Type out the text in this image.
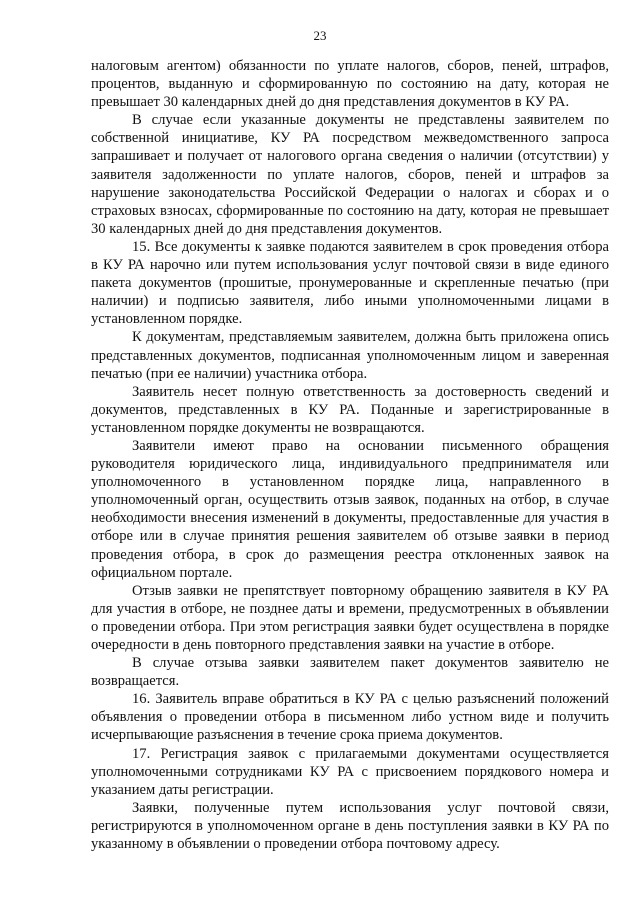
23

налоговым агентом) обязанности по уплате налогов, сборов, пеней, штрафов, процентов, выданную и сформированную по состоянию на дату, которая не превышает 30 календарных дней до дня представления документов в КУ РА.

В случае если указанные документы не представлены заявителем по собственной инициативе, КУ РА посредством межведомственного запроса запрашивает и получает от налогового органа сведения о наличии (отсутствии) у заявителя задолженности по уплате налогов, сборов, пеней и штрафов за нарушение законодательства Российской Федерации о налогах и сборах и о страховых взносах, сформированные по состоянию на дату, которая не превышает 30 календарных дней до дня представления документов.

15. Все документы к заявке подаются заявителем в срок проведения отбора в КУ РА нарочно или путем использования услуг почтовой связи в виде единого пакета документов (прошитые, пронумерованные и скрепленные печатью (при наличии) и подписью заявителя, либо иными уполномоченными лицами в установленном порядке.

К документам, представляемым заявителем, должна быть приложена опись представленных документов, подписанная уполномоченным лицом и заверенная печатью (при ее наличии) участника отбора.

Заявитель несет полную ответственность за достоверность сведений и документов, представленных в КУ РА. Поданные и зарегистрированные в установленном порядке документы не возвращаются.

Заявители имеют право на основании письменного обращения руководителя юридического лица, индивидуального предпринимателя или уполномоченного в установленном порядке лица, направленного в уполномоченный орган, осуществить отзыв заявок, поданных на отбор, в случае необходимости внесения изменений в документы, предоставленные для участия в отборе или в случае принятия решения заявителем об отзыве заявки в период проведения отбора, в срок до размещения реестра отклоненных заявок на официальном портале.

Отзыв заявки не препятствует повторному обращению заявителя в КУ РА для участия в отборе, не позднее даты и времени, предусмотренных в объявлении о проведении отбора. При этом регистрация заявки будет осуществлена в порядке очередности в день повторного представления заявки на участие в отборе.

В случае отзыва заявки заявителем пакет документов заявителю не возвращается.

16. Заявитель вправе обратиться в КУ РА с целью разъяснений положений объявления о проведении отбора в письменном либо устном виде и получить исчерпывающие разъяснения в течение срока приема документов.

17. Регистрация заявок с прилагаемыми документами осуществляется уполномоченными сотрудниками КУ РА с присвоением порядкового номера и указанием даты регистрации.

Заявки, полученные путем использования услуг почтовой связи, регистрируются в уполномоченном органе в день поступления заявки в КУ РА по указанному в объявлении о проведении отбора почтовому адресу.
